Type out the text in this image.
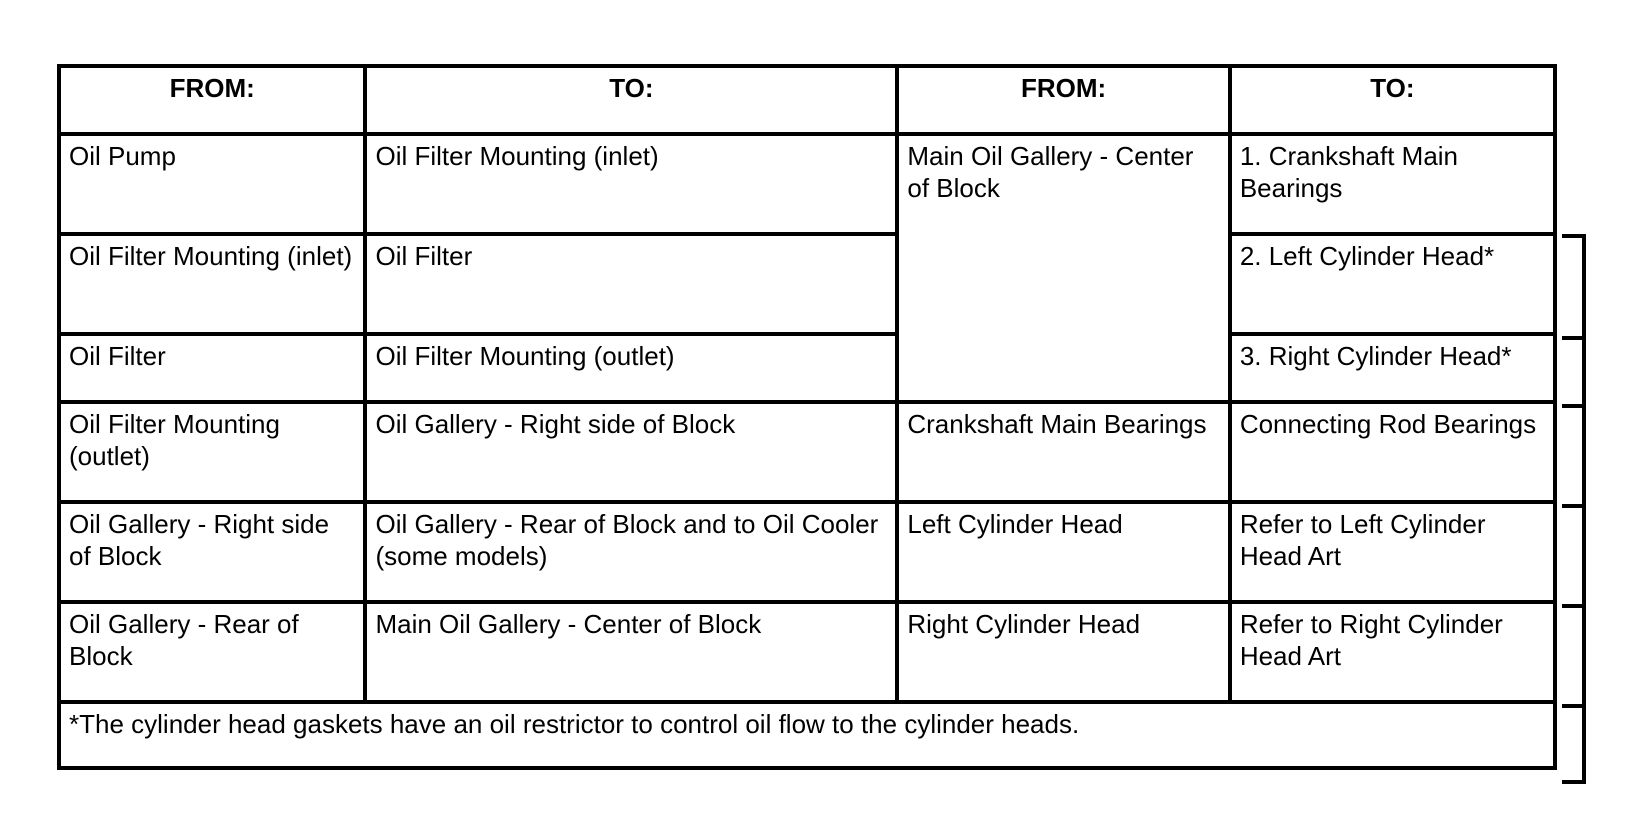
FROM:	TO:	FROM:	TO:
Oil Pump	Oil Filter Mounting (inlet)	Main Oil Gallery - Center of Block	1. Crankshaft Main Bearings
Oil Filter Mounting (inlet)	Oil Filter		2. Left Cylinder Head*
Oil Filter	Oil Filter Mounting (outlet)		3. Right Cylinder Head*
Oil Filter Mounting (outlet)	Oil Gallery - Right side of Block	Crankshaft Main Bearings	Connecting Rod Bearings
Oil Gallery - Right side of Block	Oil Gallery - Rear of Block and to Oil Cooler (some models)	Left Cylinder Head	Refer to Left Cylinder Head Art
Oil Gallery - Rear of Block	Main Oil Gallery - Center of Block	Right Cylinder Head	Refer to Right Cylinder Head Art
*The cylinder head gaskets have an oil restrictor to control oil flow to the cylinder heads.			
